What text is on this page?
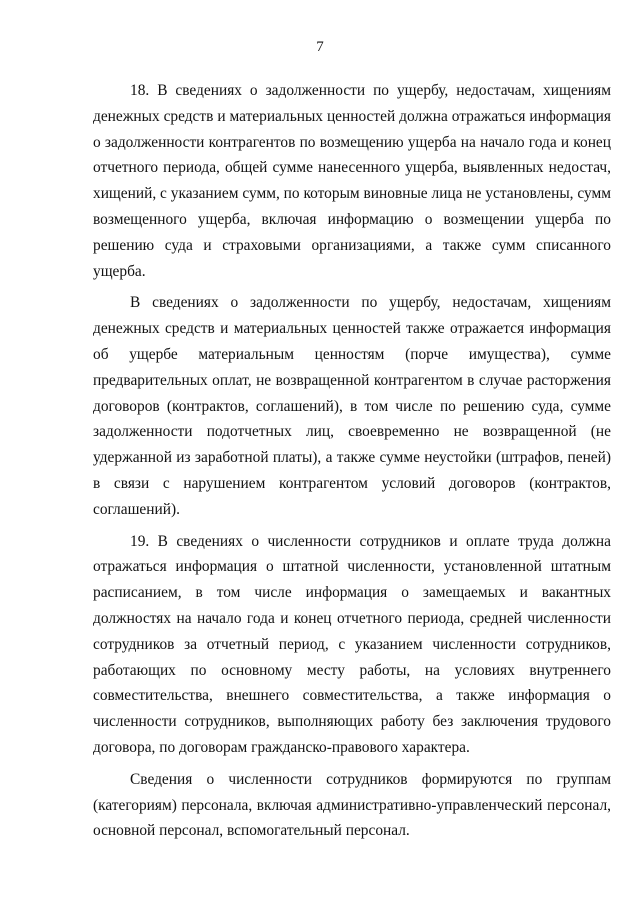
7

18. В сведениях о задолженности по ущербу, недостачам, хищениям денежных средств и материальных ценностей должна отражаться информация о задолженности контрагентов по возмещению ущерба на начало года и конец отчетного периода, общей сумме нанесенного ущерба, выявленных недостач, хищений, с указанием сумм, по которым виновные лица не установлены, сумм возмещенного ущерба, включая информацию о возмещении ущерба по решению суда и страховыми организациями, а также сумм списанного ущерба.

В сведениях о задолженности по ущербу, недостачам, хищениям денежных средств и материальных ценностей также отражается информация об ущербе материальным ценностям (порче имущества), сумме предварительных оплат, не возвращенной контрагентом в случае расторжения договоров (контрактов, соглашений), в том числе по решению суда, сумме задолженности подотчетных лиц, своевременно не возвращенной (не удержанной из заработной платы), а также сумме неустойки (штрафов, пеней) в связи с нарушением контрагентом условий договоров (контрактов, соглашений).

19. В сведениях о численности сотрудников и оплате труда должна отражаться информация о штатной численности, установленной штатным расписанием, в том числе информация о замещаемых и вакантных должностях на начало года и конец отчетного периода, средней численности сотрудников за отчетный период, с указанием численности сотрудников, работающих по основному месту работы, на условиях внутреннего совместительства, внешнего совместительства, а также информация о численности сотрудников, выполняющих работу без заключения трудового договора, по договорам гражданско-правового характера.

Сведения о численности сотрудников формируются по группам (категориям) персонала, включая административно-управленческий персонал, основной персонал, вспомогательный персонал.
